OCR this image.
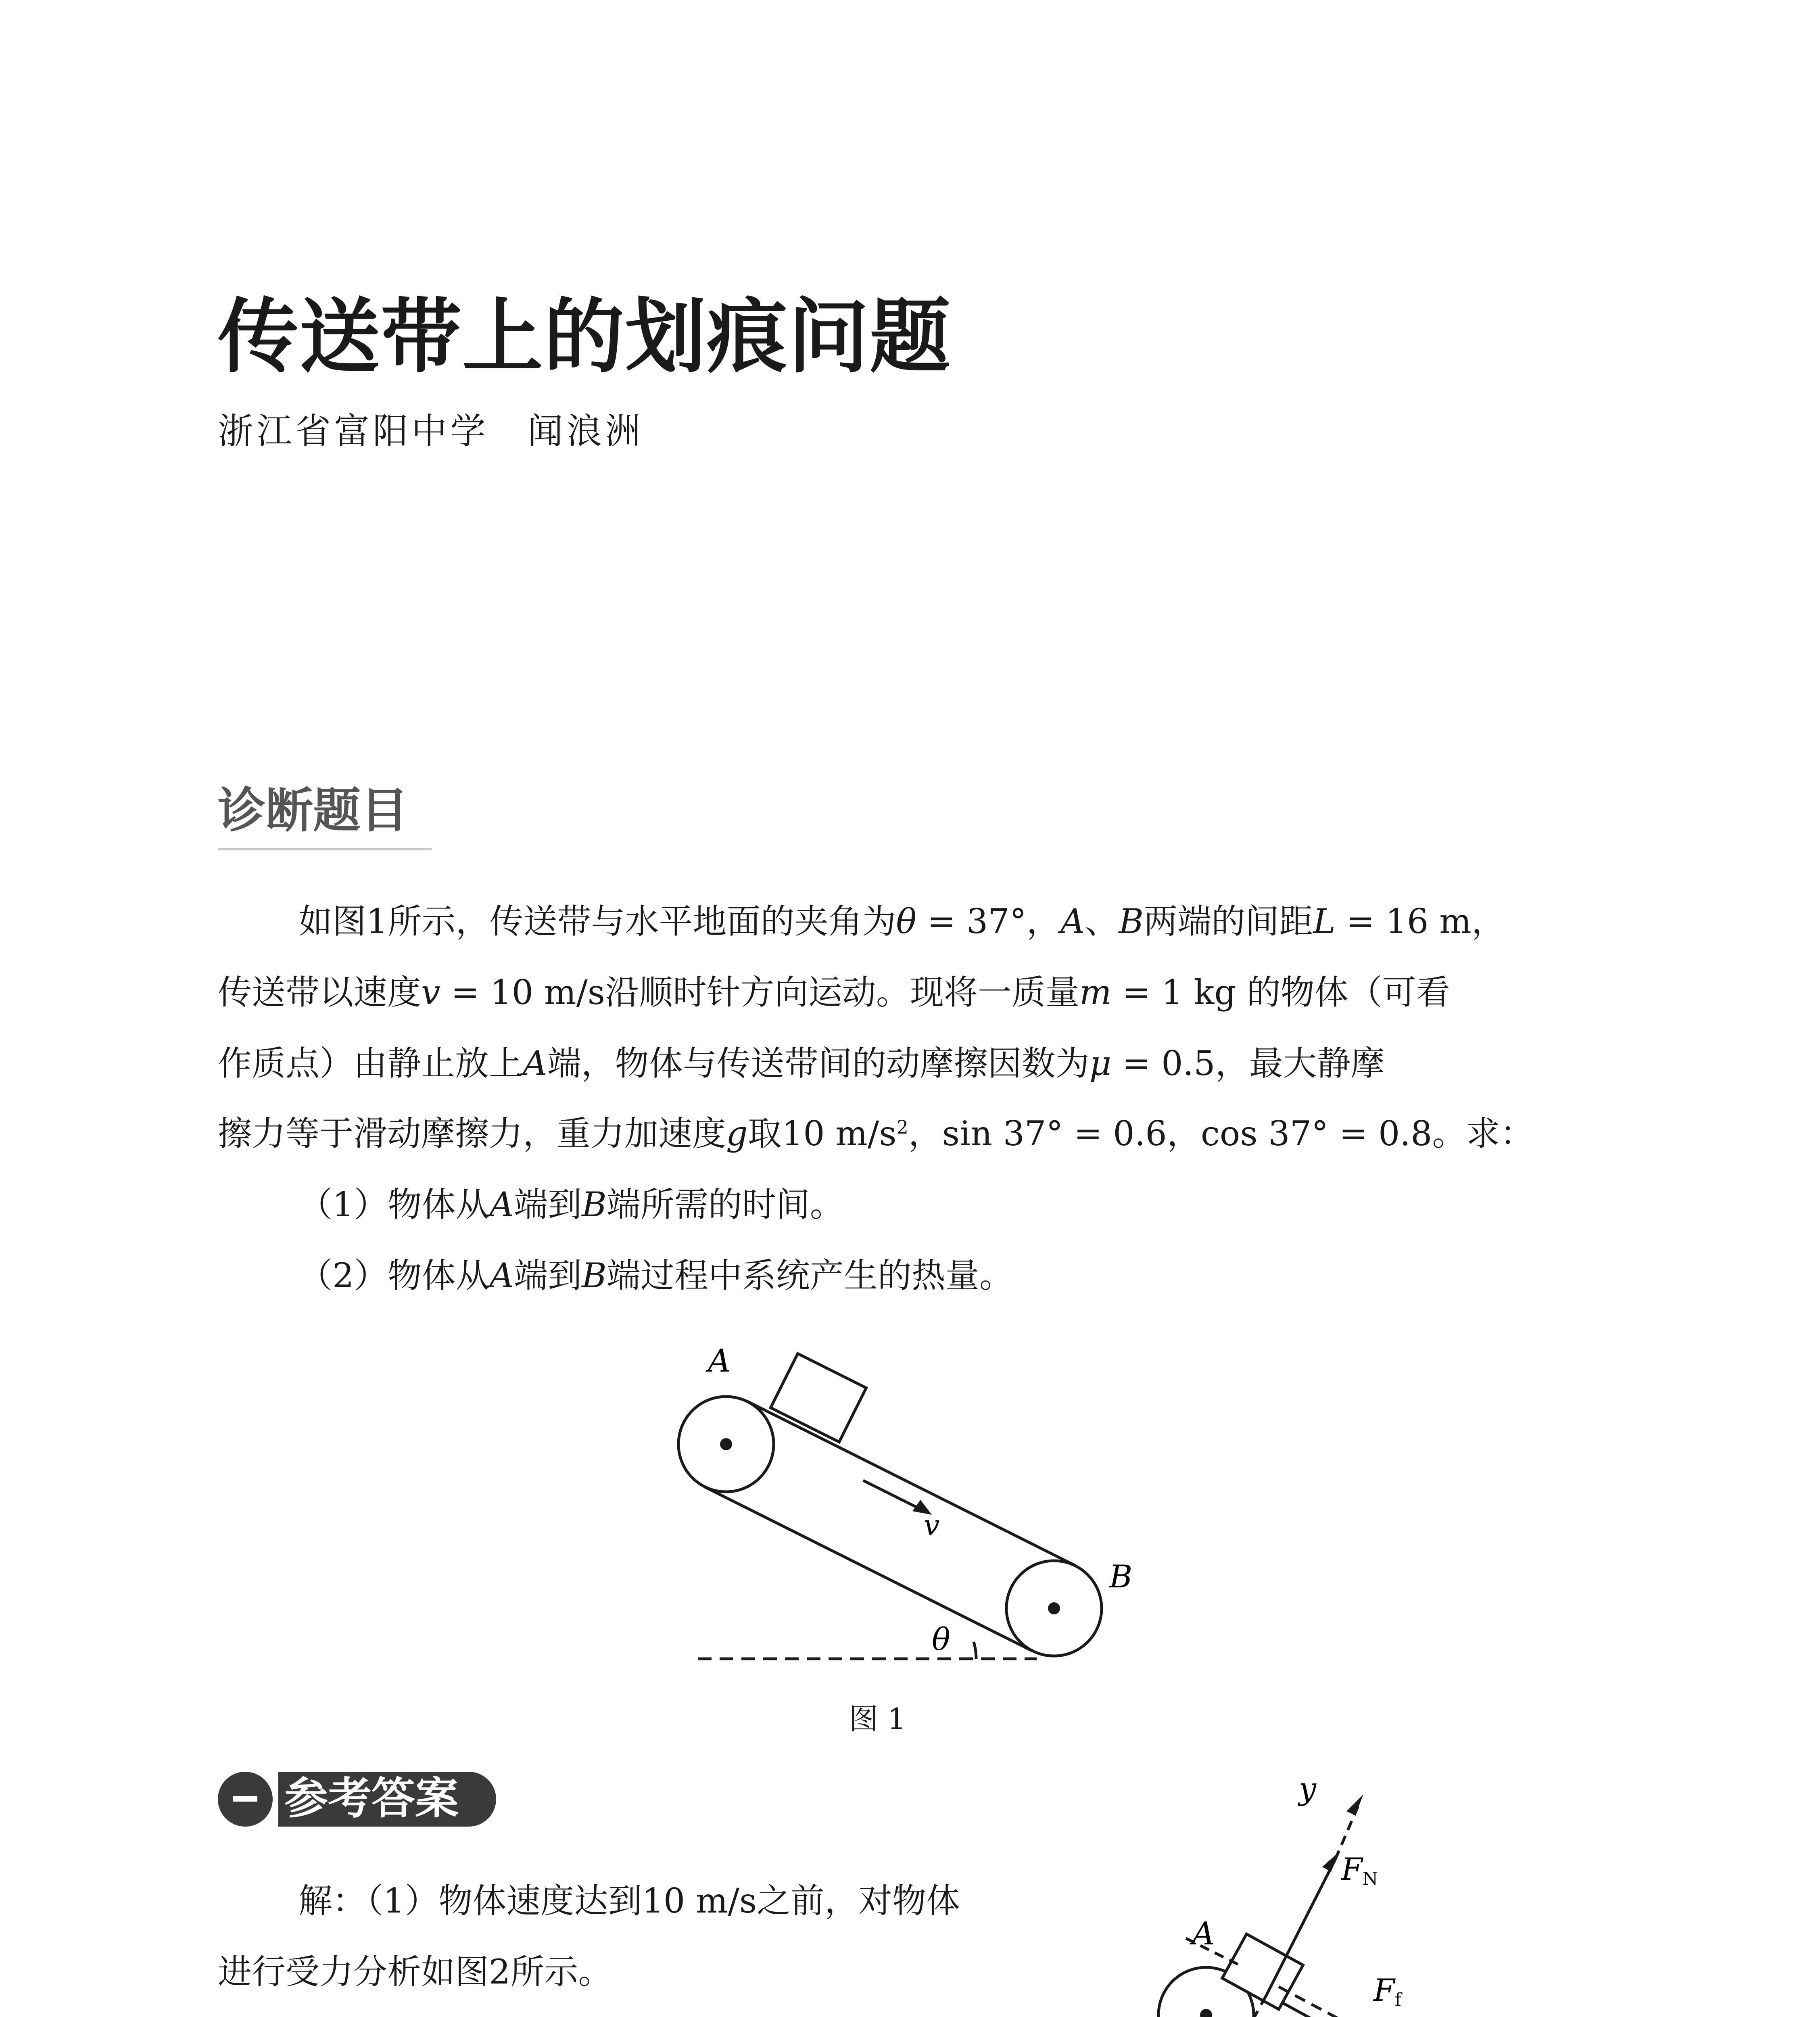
传送带上的划痕问题
浙江省富阳中学　闻浪洲
诊断题目
如图1所示，传送带与水平地面的夹角为θ = 37°，A、B两端的间距L = 16 m，
传送带以速度v = 10 m/s沿顺时针方向运动。现将一质量m = 1 kg 的物体（可看
作质点）由静止放上A端，物体与传送带间的动摩擦因数为μ = 0.5，最大静摩
擦力等于滑动摩擦力，重力加速度g取10 $m/s^2$，sin 37° = 0.6，cos 37° = 0.8。求：
（1）物体从A端到B端所需的时间。
（2）物体从A端到B端过程中系统产生的热量。
A
B
v
θ
图 1
参考答案
解：（1）物体速度达到10 m/s之前，对物体
进行受力分析如图2所示。
A
y
FN
Ff
